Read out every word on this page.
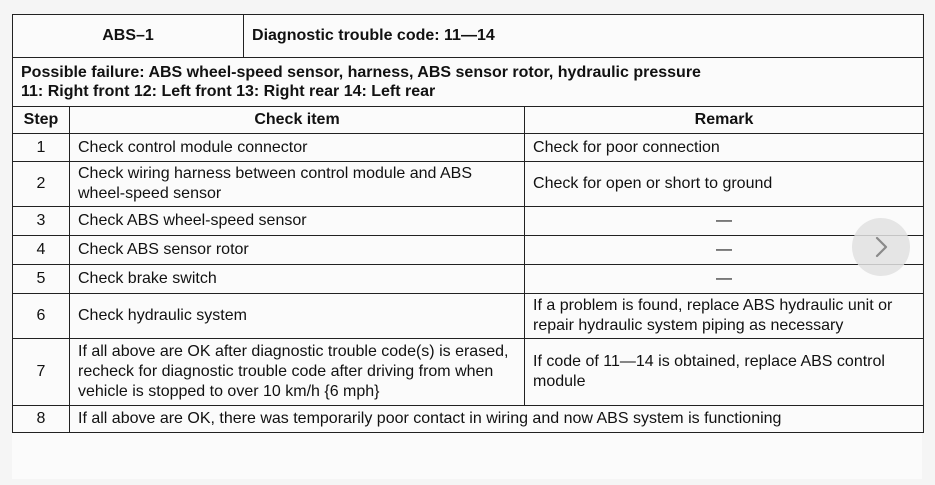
ABS–1		Diagnostic trouble code: 11—14	

Possible failure: ABS wheel-speed sensor, harness, ABS sensor rotor, hydraulic pressure
11: Right front 12: Left front 13: Right rear 14: Left rear			

Step	Check item		Remark
1	Check control module connector		Check for poor connection
2	Check wiring harness between control module and ABS wheel-speed sensor		Check for open or short to ground
3	Check ABS wheel-speed sensor		—
4	Check ABS sensor rotor		—
5	Check brake switch		—
6	Check hydraulic system		If a problem is found, replace ABS hydraulic unit or repair hydraulic system piping as necessary
7	If all above are OK after diagnostic trouble code(s) is erased, recheck for diagnostic trouble code after driving from when vehicle is stopped to over 10 km/h {6 mph}		If code of 11—14 is obtained, replace ABS control module
8	If all above are OK, there was temporarily poor contact in wiring and now ABS system is functioning		
